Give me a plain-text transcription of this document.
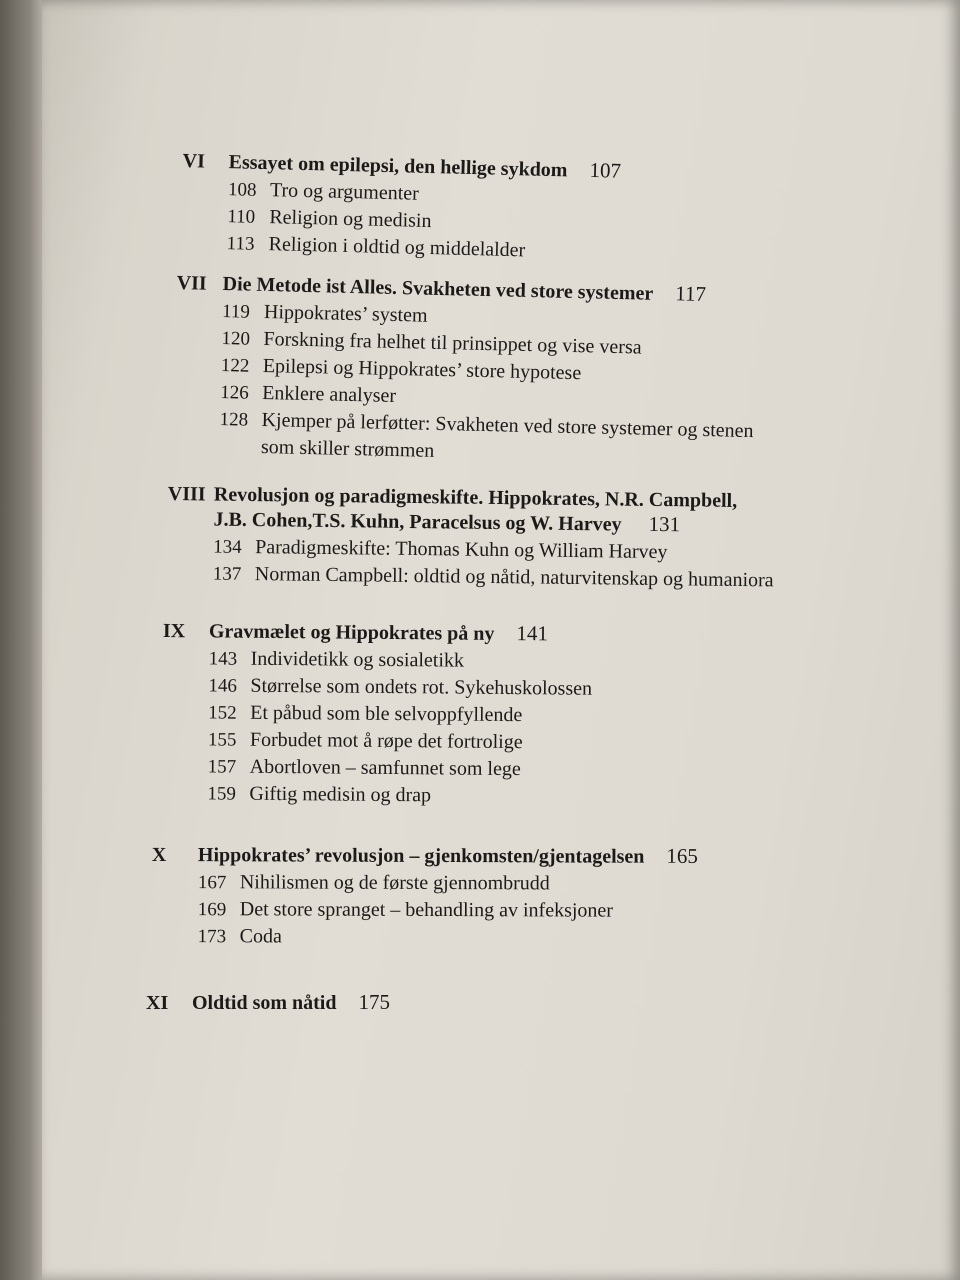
VI	Essayet om epilepsi, den hellige sykdom 107
108 Tro og argumenter
110 Religion og medisin
113 Religion i oldtid og middelalder
VII Die Metode ist Alles. Svakheten ved store systemer 117
119 Hippokrates’ system
120 Forskning fra helhet til prinsippet og vise versa
122 Epilepsi og Hippokrates’ store hypotese
126 Enklere analyser
128 Kjemper på lerføtter: Svakheten ved store systemer og stenen
som skiller strømmen
VIII Revolusjon og paradigmeskifte. Hippokrates, N.R. Campbell,
J.B. Cohen,T.S. Kuhn, Paracelsus og W. Harvey 131
134 Paradigmeskifte: Thomas Kuhn og William Harvey
137 Norman Campbell: oldtid og nåtid, naturvitenskap og humaniora
IX	Gravmælet og Hippokrates på ny 141
143 Individetikk og sosialetikk
146 Størrelse som ondets rot. Sykehuskolossen
152 Et påbud som ble selvoppfyllende
155 Forbudet mot å røpe det fortrolige
157 Abortloven – samfunnet som lege
159 Giftig medisin og drap
X	Hippokrates’ revolusjon – gjenkomsten/gjentagelsen 165
167 Nihilismen og de første gjennombrudd
169 Det store spranget – behandling av infeksjoner
173 Coda
XI	Oldtid som nåtid 175
